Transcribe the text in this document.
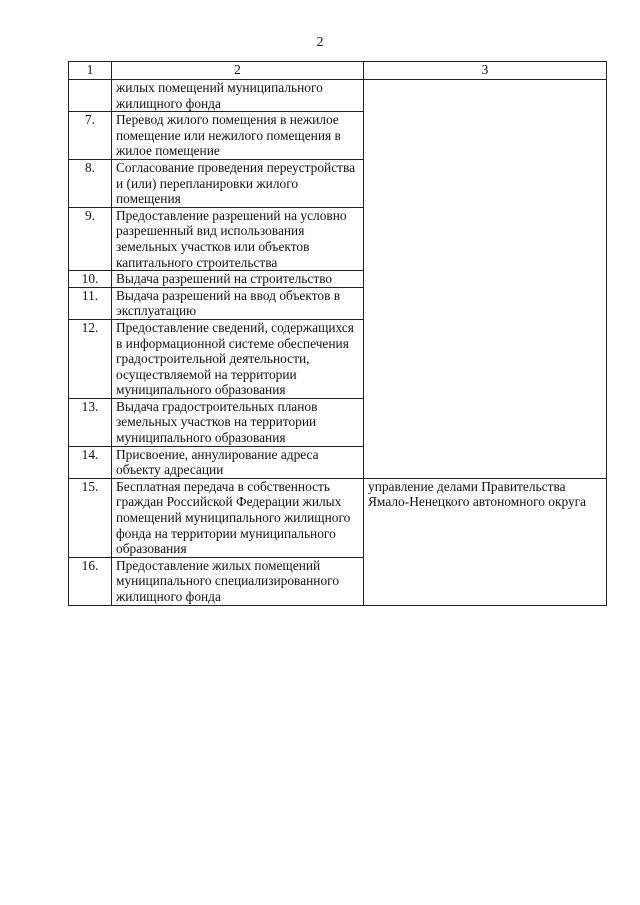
2
1	2	3
	жилых помещений муниципального жилищного фонда	
7.	Перевод жилого помещения в нежилое помещение или нежилого помещения в жилое помещение	
8.	Согласование проведения переустройства и (или) перепланировки жилого помещения	
9.	Предоставление разрешений на условно разрешенный вид использования земельных участков или объектов капитального строительства	
10.	Выдача разрешений на строительство	
11.	Выдача разрешений на ввод объектов в эксплуатацию	
12.	Предоставление сведений, содержащихся в информационной системе обеспечения градостроительной деятельности, осуществляемой на территории муниципального образования	
13.	Выдача градостроительных планов земельных участков на территории муниципального образования	
14.	Присвоение, аннулирование адреса объекту адресации	
15.	Бесплатная передача в собственность граждан Российской Федерации жилых помещений муниципального жилищного фонда на территории муниципального образования	управление делами Правительства Ямало-Ненецкого автономного округа
16.	Предоставление жилых помещений муниципального специализированного жилищного фонда	
